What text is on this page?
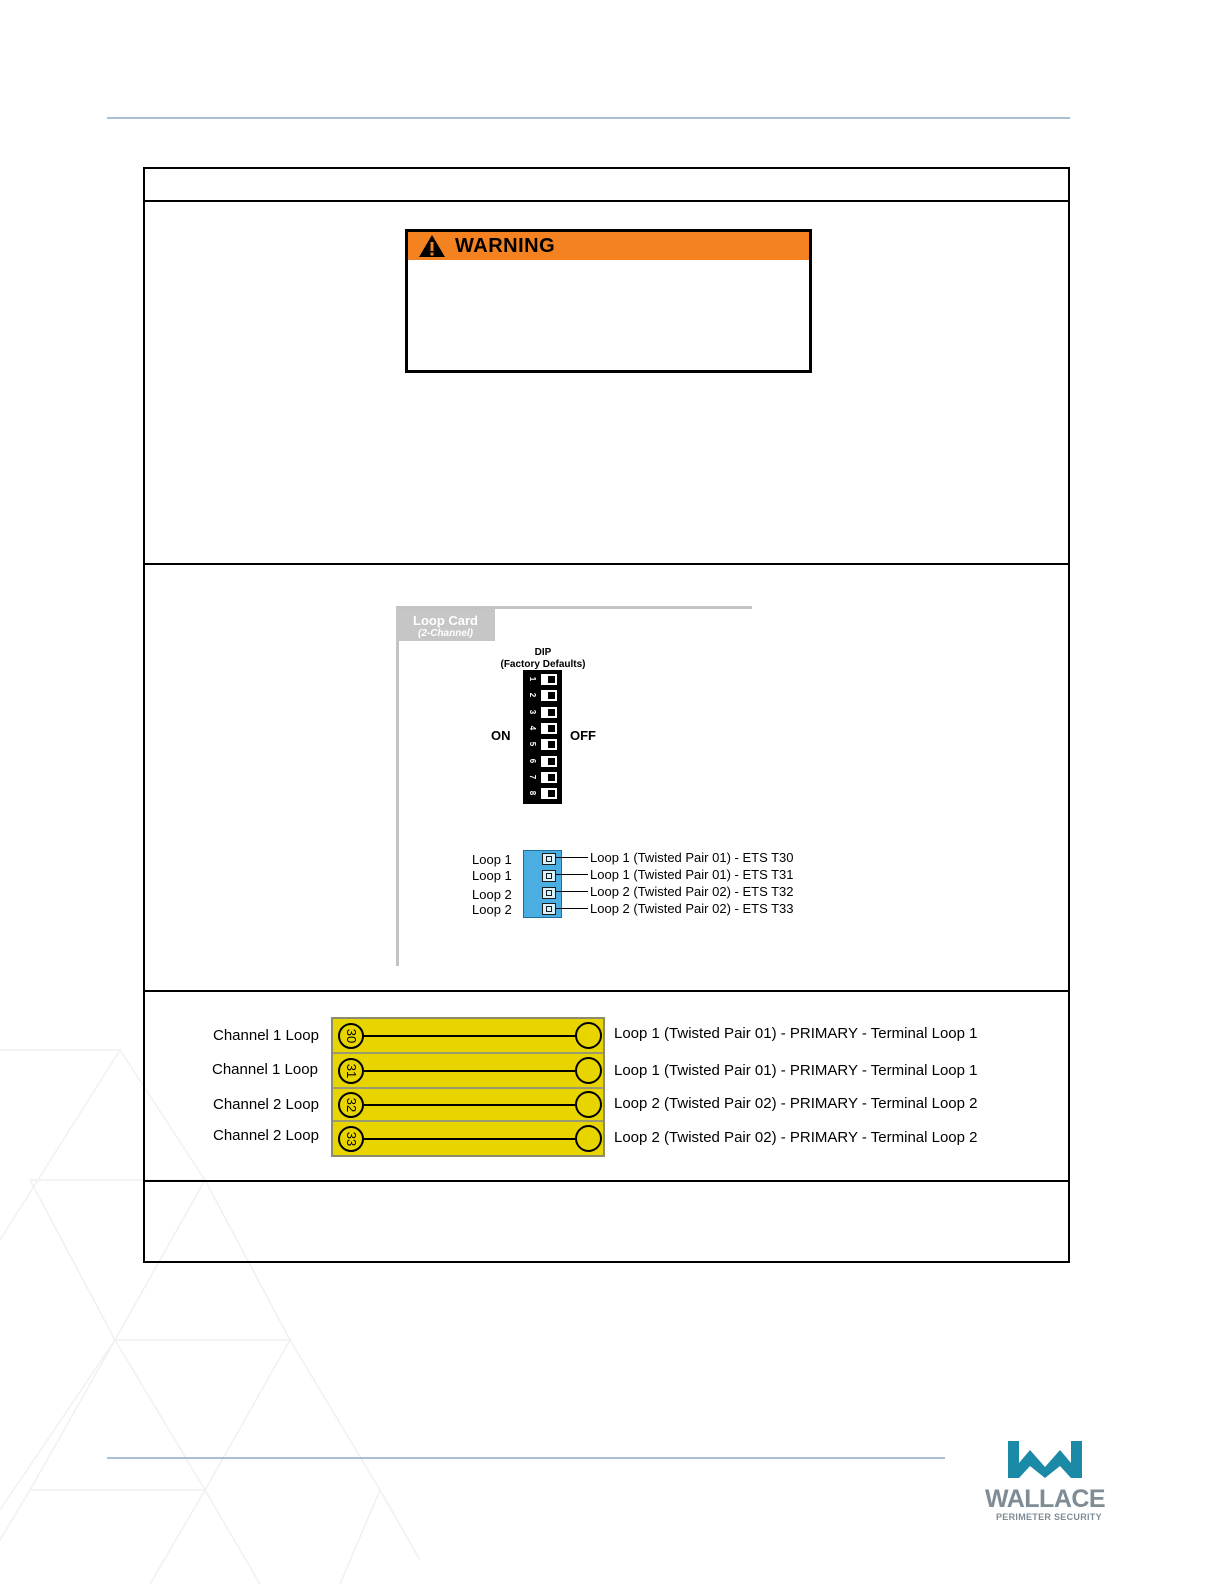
WARNING
Loop Card
(2-Channel)
DIP
(Factory Defaults)
1
2
3
4
5
6
7
8
ON	OFF
Loop 1
Loop 1
Loop 2
Loop 2
Loop 1 (Twisted Pair 01) - ETS T30
Loop 1 (Twisted Pair 01) - ETS T31
Loop 2 (Twisted Pair 02) - ETS T32
Loop 2 (Twisted Pair 02) - ETS T33
30
31
32
33
Channel 1 Loop
Channel 1 Loop
Channel 2 Loop
Channel 2 Loop
Loop 1 (Twisted Pair 01) - PRIMARY - Terminal Loop 1
Loop 1 (Twisted Pair 01) - PRIMARY - Terminal Loop 1
Loop 2 (Twisted Pair 02) - PRIMARY - Terminal Loop 2
Loop 2 (Twisted Pair 02) - PRIMARY - Terminal Loop 2
WALLACE
PERIMETER SECURITY
